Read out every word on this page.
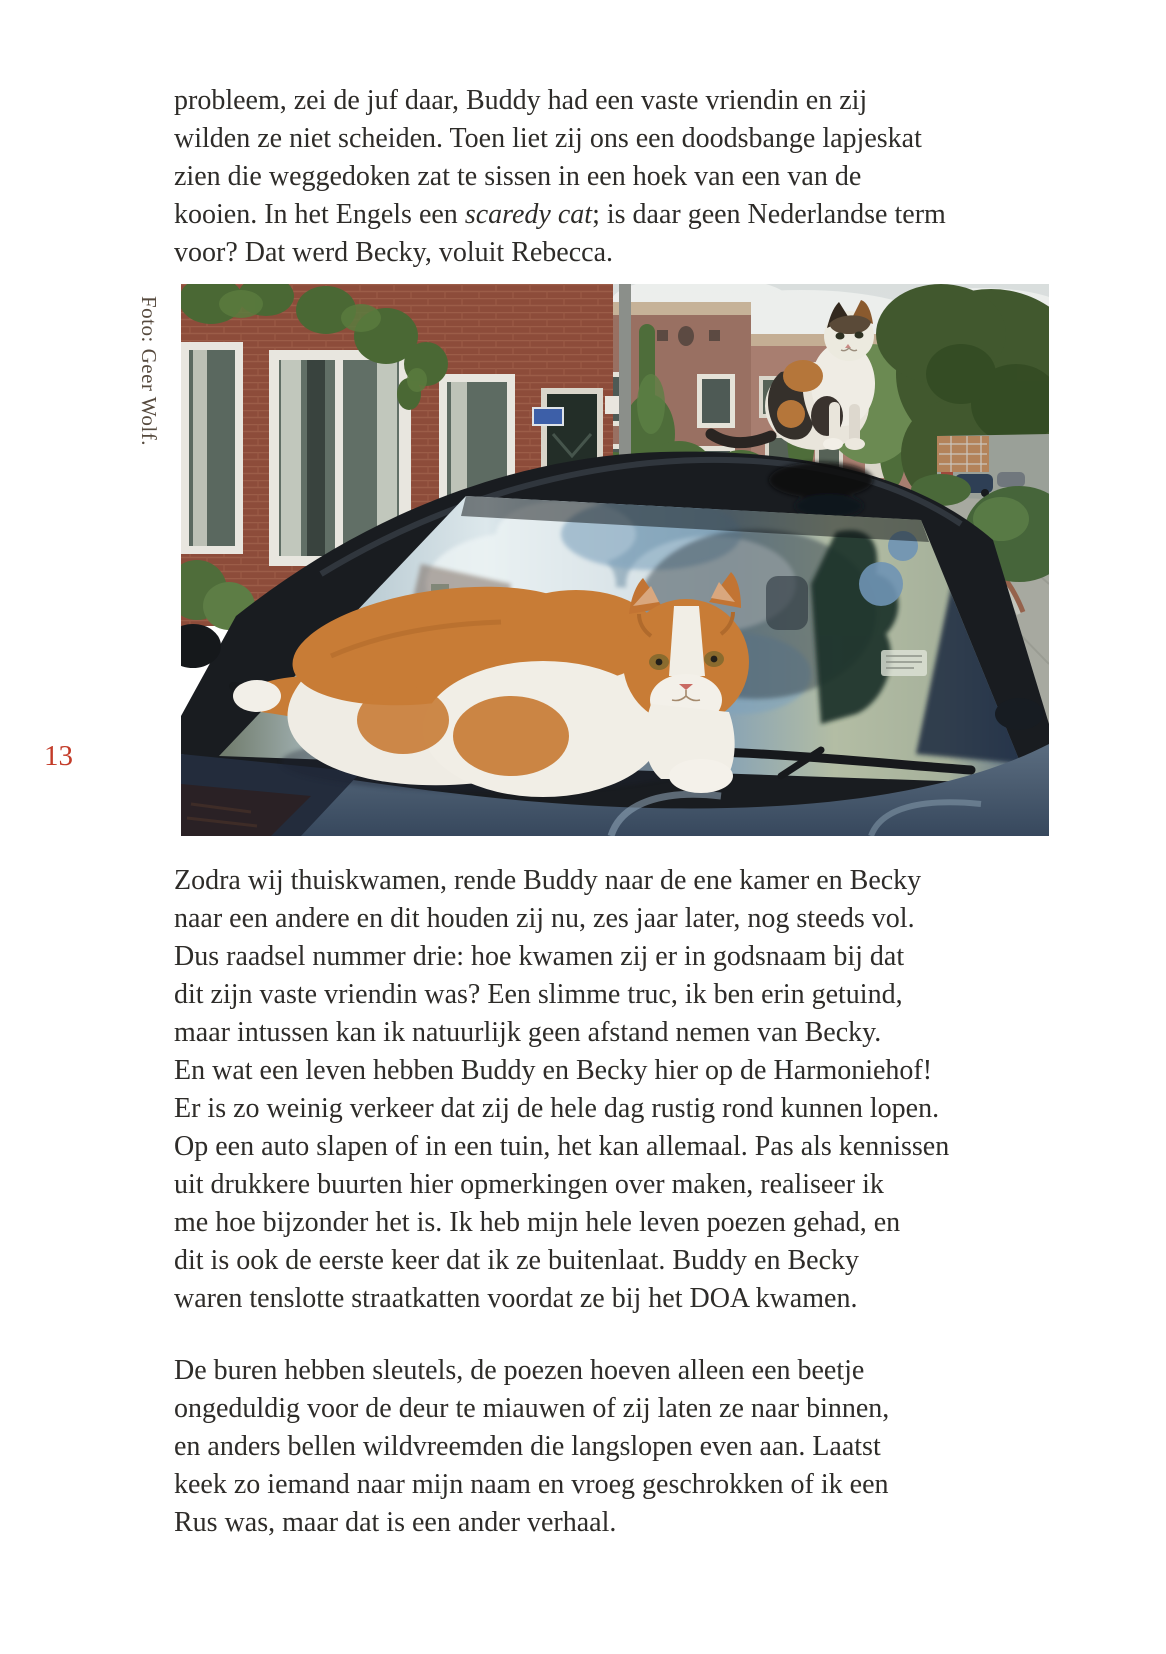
probleem, zei de juf daar, Buddy had een vaste vriendin en zij
wilden ze niet scheiden. Toen liet zij ons een doodsbange lapjeskat
zien die weggedoken zat te sissen in een hoek van een van de
kooien. In het Engels een scaredy cat; is daar geen Nederlandse term
voor? Dat werd Becky, voluit Rebecca.
Foto: Geer Wolf.
13
Zodra wij thuiskwamen, rende Buddy naar de ene kamer en Becky
naar een andere en dit houden zij nu, zes jaar later, nog steeds vol.
Dus raadsel nummer drie: hoe kwamen zij er in godsnaam bij dat
dit zijn vaste vriendin was? Een slimme truc, ik ben erin getuind,
maar intussen kan ik natuurlijk geen afstand nemen van Becky.
En wat een leven hebben Buddy en Becky hier op de Harmoniehof!
Er is zo weinig verkeer dat zij de hele dag rustig rond kunnen lopen.
Op een auto slapen of in een tuin, het kan allemaal. Pas als kennissen
uit drukkere buurten hier opmerkingen over maken, realiseer ik
me hoe bijzonder het is. Ik heb mijn hele leven poezen gehad, en
dit is ook de eerste keer dat ik ze buitenlaat. Buddy en Becky
waren tenslotte straatkatten voordat ze bij het DOA kwamen.
De buren hebben sleutels, de poezen hoeven alleen een beetje
ongeduldig voor de deur te miauwen of zij laten ze naar binnen,
en anders bellen wildvreemden die langslopen even aan. Laatst
keek zo iemand naar mijn naam en vroeg geschrokken of ik een
Rus was, maar dat is een ander verhaal.
